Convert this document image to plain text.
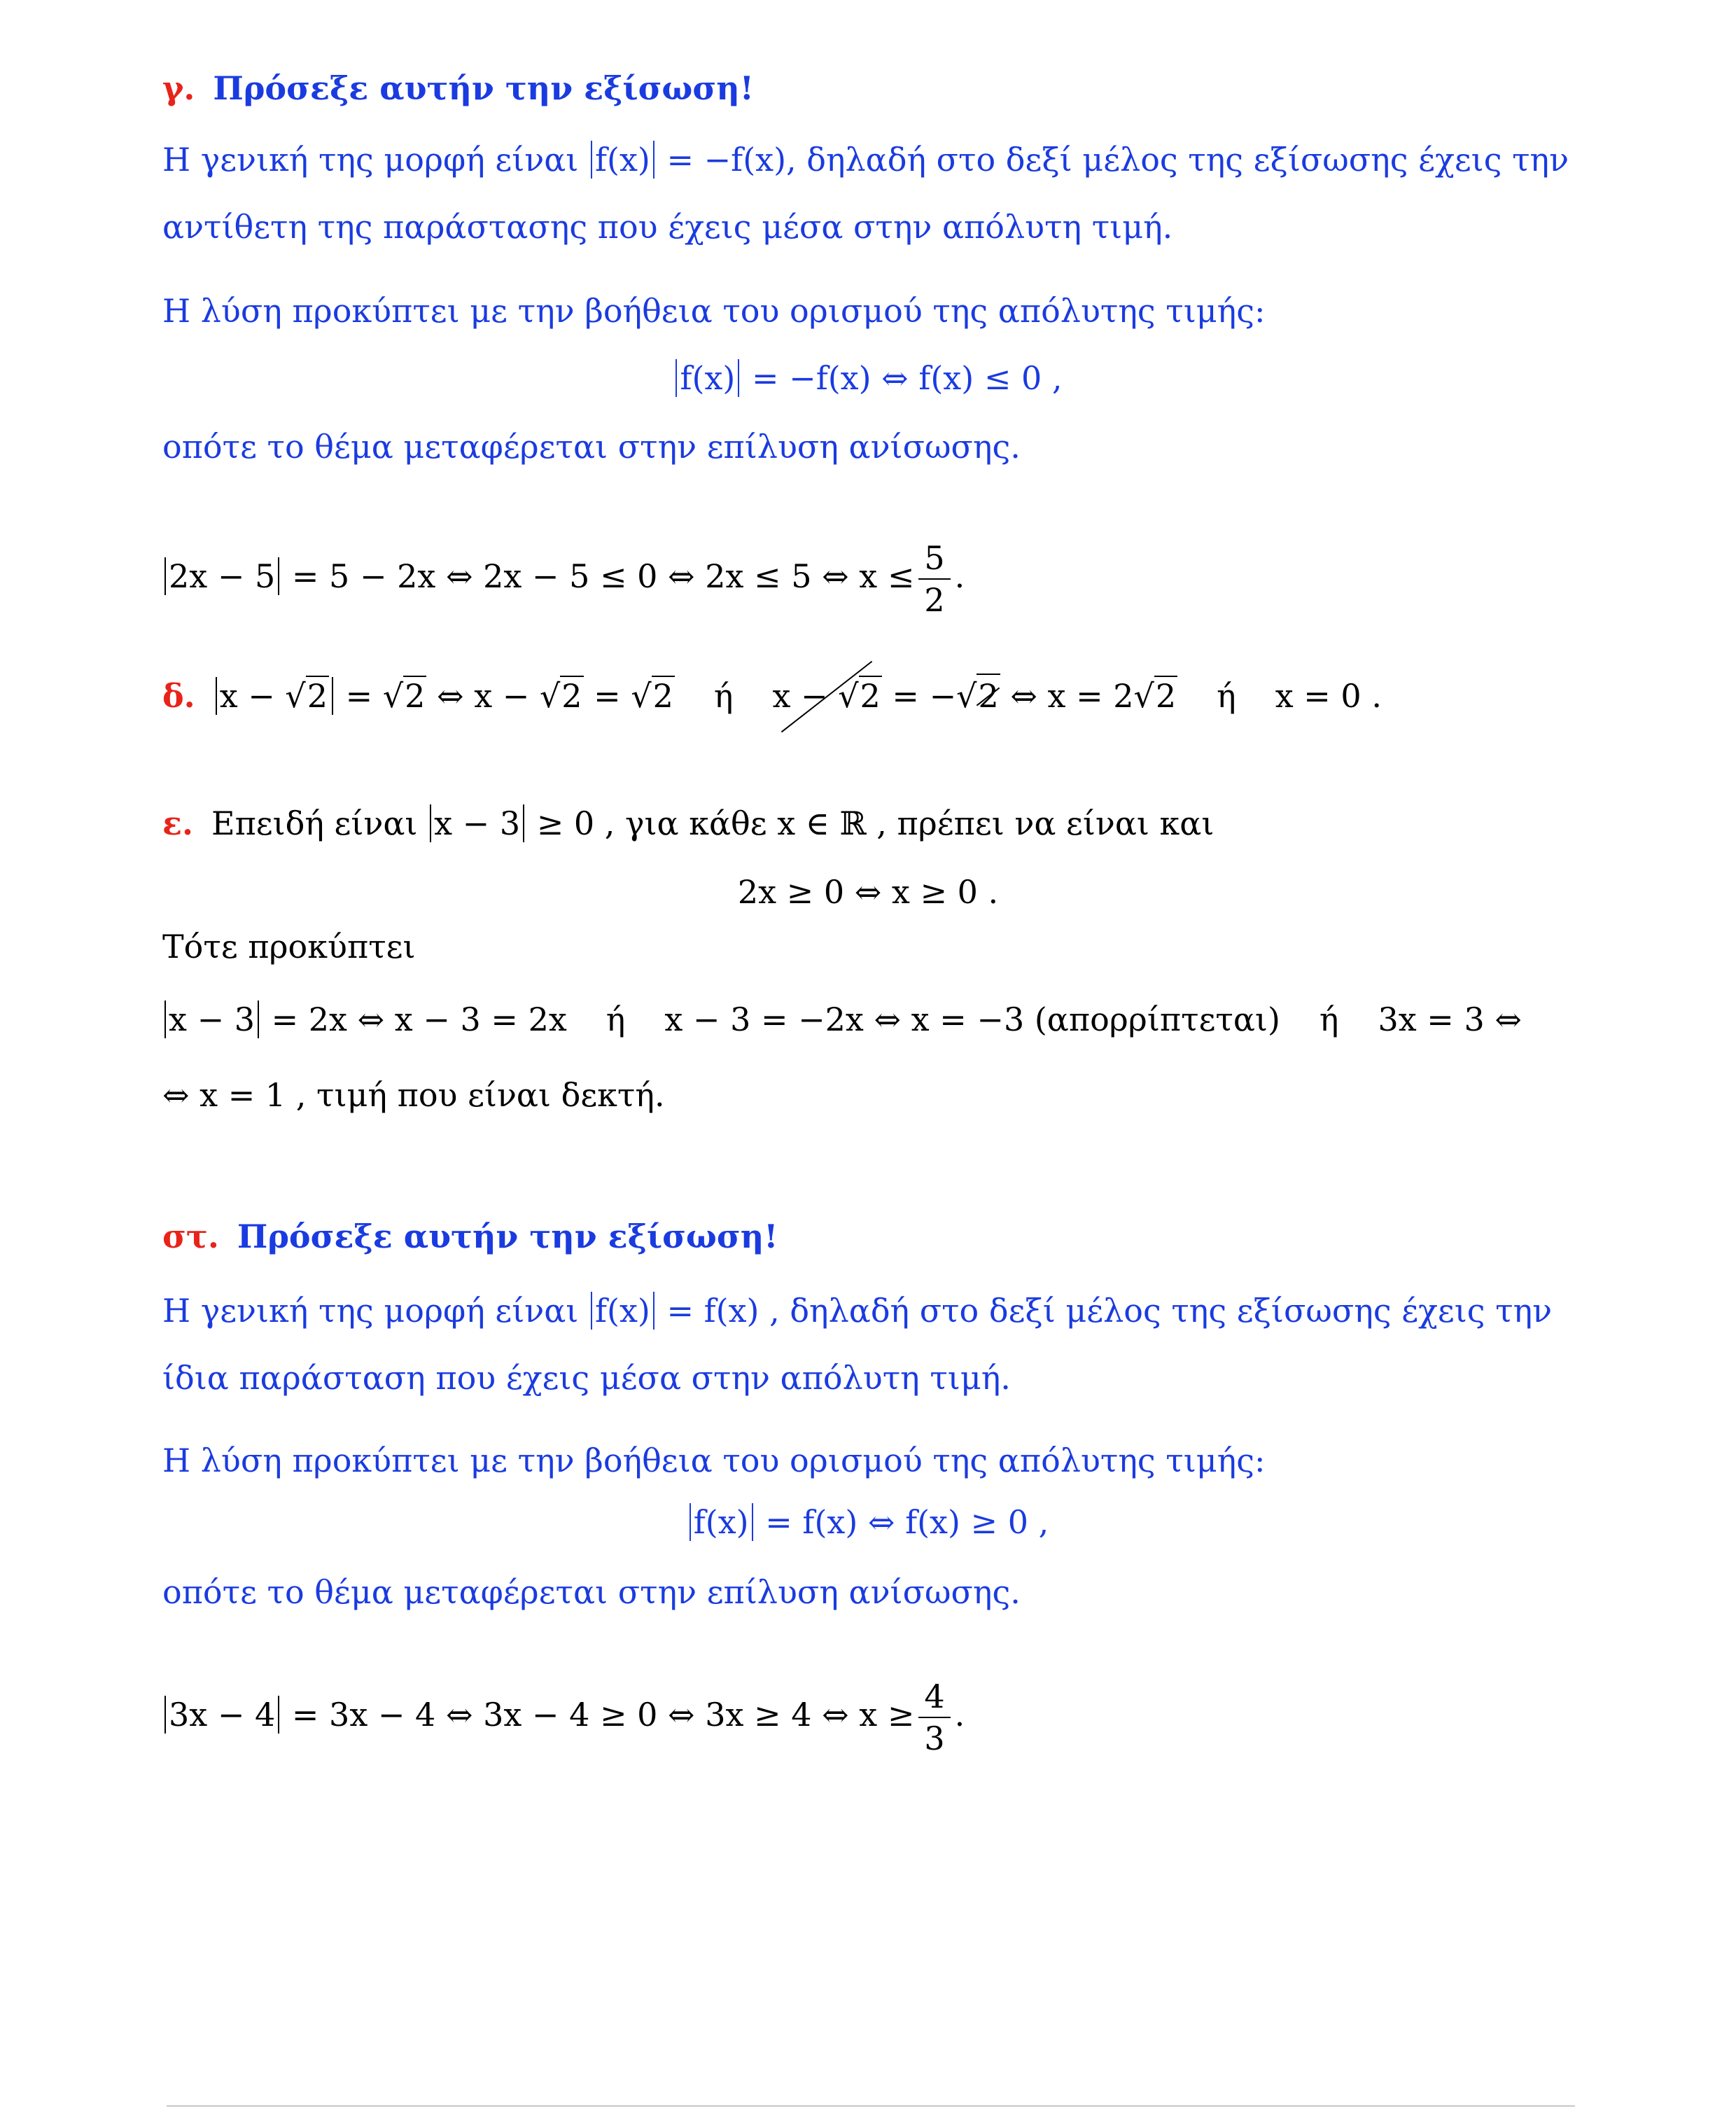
γ. Πρόσεξε αυτήν την εξίσωση!
Η γενική της μορφή είναι f(x) = −f(x), δηλαδή στο δεξί μέλος της εξίσωσης έχεις την
αντίθετη της παράστασης που έχεις μέσα στην απόλυτη τιμή.
Η λύση προκύπτει με την βοήθεια του ορισμού της απόλυτης τιμής:
f(x) = −f(x) ⇔ f(x) ≤ 0 ,
οπότε το θέμα μεταφέρεται στην επίλυση ανίσωσης.
2x − 5 = 5 − 2x ⇔ 2x − 5 ≤ 0 ⇔ 2x ≤ 5 ⇔ $x \le \frac{5}{2}$ .
δ. x − √2 = √2 ⇔ x − √2 = √2 ή x − √2 = −√2 ⇔ x = 2√2 ή x = 0 .
ε. Επειδή είναι x − 3 ≥ 0 , για κάθε x ∈ ℝ , πρέπει να είναι και
2x ≥ 0 ⇔ x ≥ 0 .
Τότε προκύπτει
x − 3 = 2x ⇔ x − 3 = 2x ή x − 3 = −2x ⇔ x = −3 (απορρίπτεται) ή 3x = 3 ⇔
⇔ x = 1 , τιμή που είναι δεκτή.
στ. Πρόσεξε αυτήν την εξίσωση!
Η γενική της μορφή είναι f(x) = f(x) , δηλαδή στο δεξί μέλος της εξίσωσης έχεις την
ίδια παράσταση που έχεις μέσα στην απόλυτη τιμή.
Η λύση προκύπτει με την βοήθεια του ορισμού της απόλυτης τιμής:
f(x) = f(x) ⇔ f(x) ≥ 0 ,
οπότε το θέμα μεταφέρεται στην επίλυση ανίσωσης.
3x − 4 = 3x − 4 ⇔ 3x − 4 ≥ 0 ⇔ 3x ≥ 4 ⇔ $x \ge \frac{4}{3}$ .
